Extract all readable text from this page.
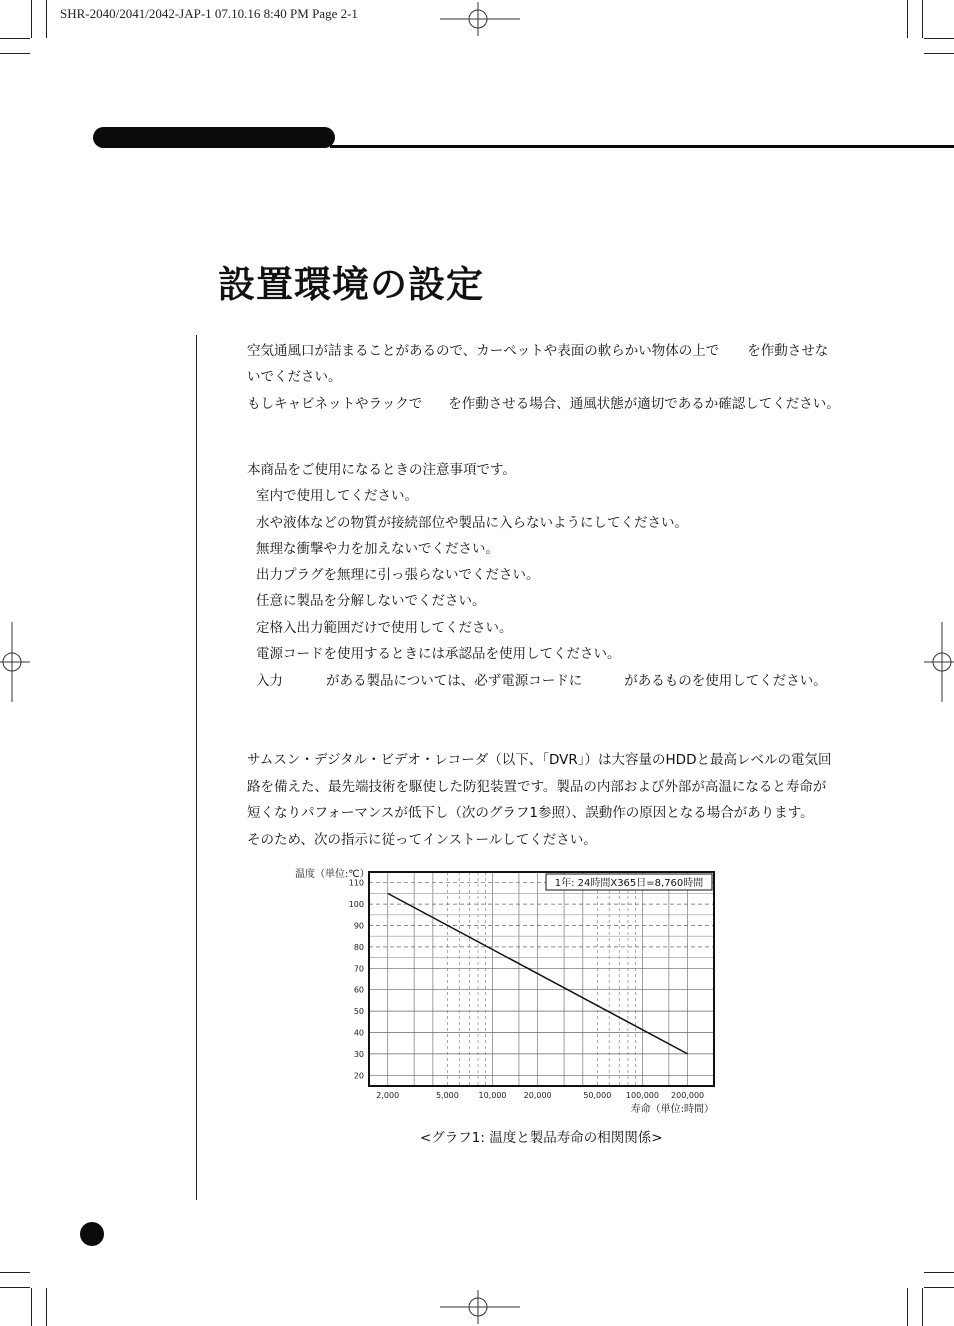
SHR-2040/2041/2042-JAP-1 07.10.16 8:40 PM Page 2-1
設置環境の設定
空気通風口が詰まることがあるので、カーペットや表面の軟らかい物体の上で を作動させな
いでください。
もしキャビネットやラックで を作動させる場合、通風状態が適切であるか確認してください。
本商品をご使用になるときの注意事項です。
室内で使用してください。
水や液体などの物質が接続部位や製品に入らないようにしてください。
無理な衝撃や力を加えないでください。
出力プラグを無理に引っ張らないでください。
任意に製品を分解しないでください。
定格入出力範囲だけで使用してください。
電源コードを使用するときには承認品を使用してください。
入力	がある製品については、必ず電源コードに	があるものを使用してください。
サムスン・デジタル・ビデオ・レコーダ（以下、「DVR」）は大容量のHDDと最高レベルの電気回
路を備えた、最先端技術を駆使した防犯装置です。製品の内部および外部が高温になると寿命が
短くなりパフォーマンスが低下し（次のグラフ1参照）、誤動作の原因となる場合があります。
そのため、次の指示に従ってインストールしてください。
20
30
40
50
60
70
80
90
100
110
2,000	5,000 10,000 20,000	50,000 100,000 200,000
温度（単位:℃）
寿命（単位:時間）
1年: 24時間X365日=8,760時間
<グラフ1: 温度と製品寿命の相関関係>
